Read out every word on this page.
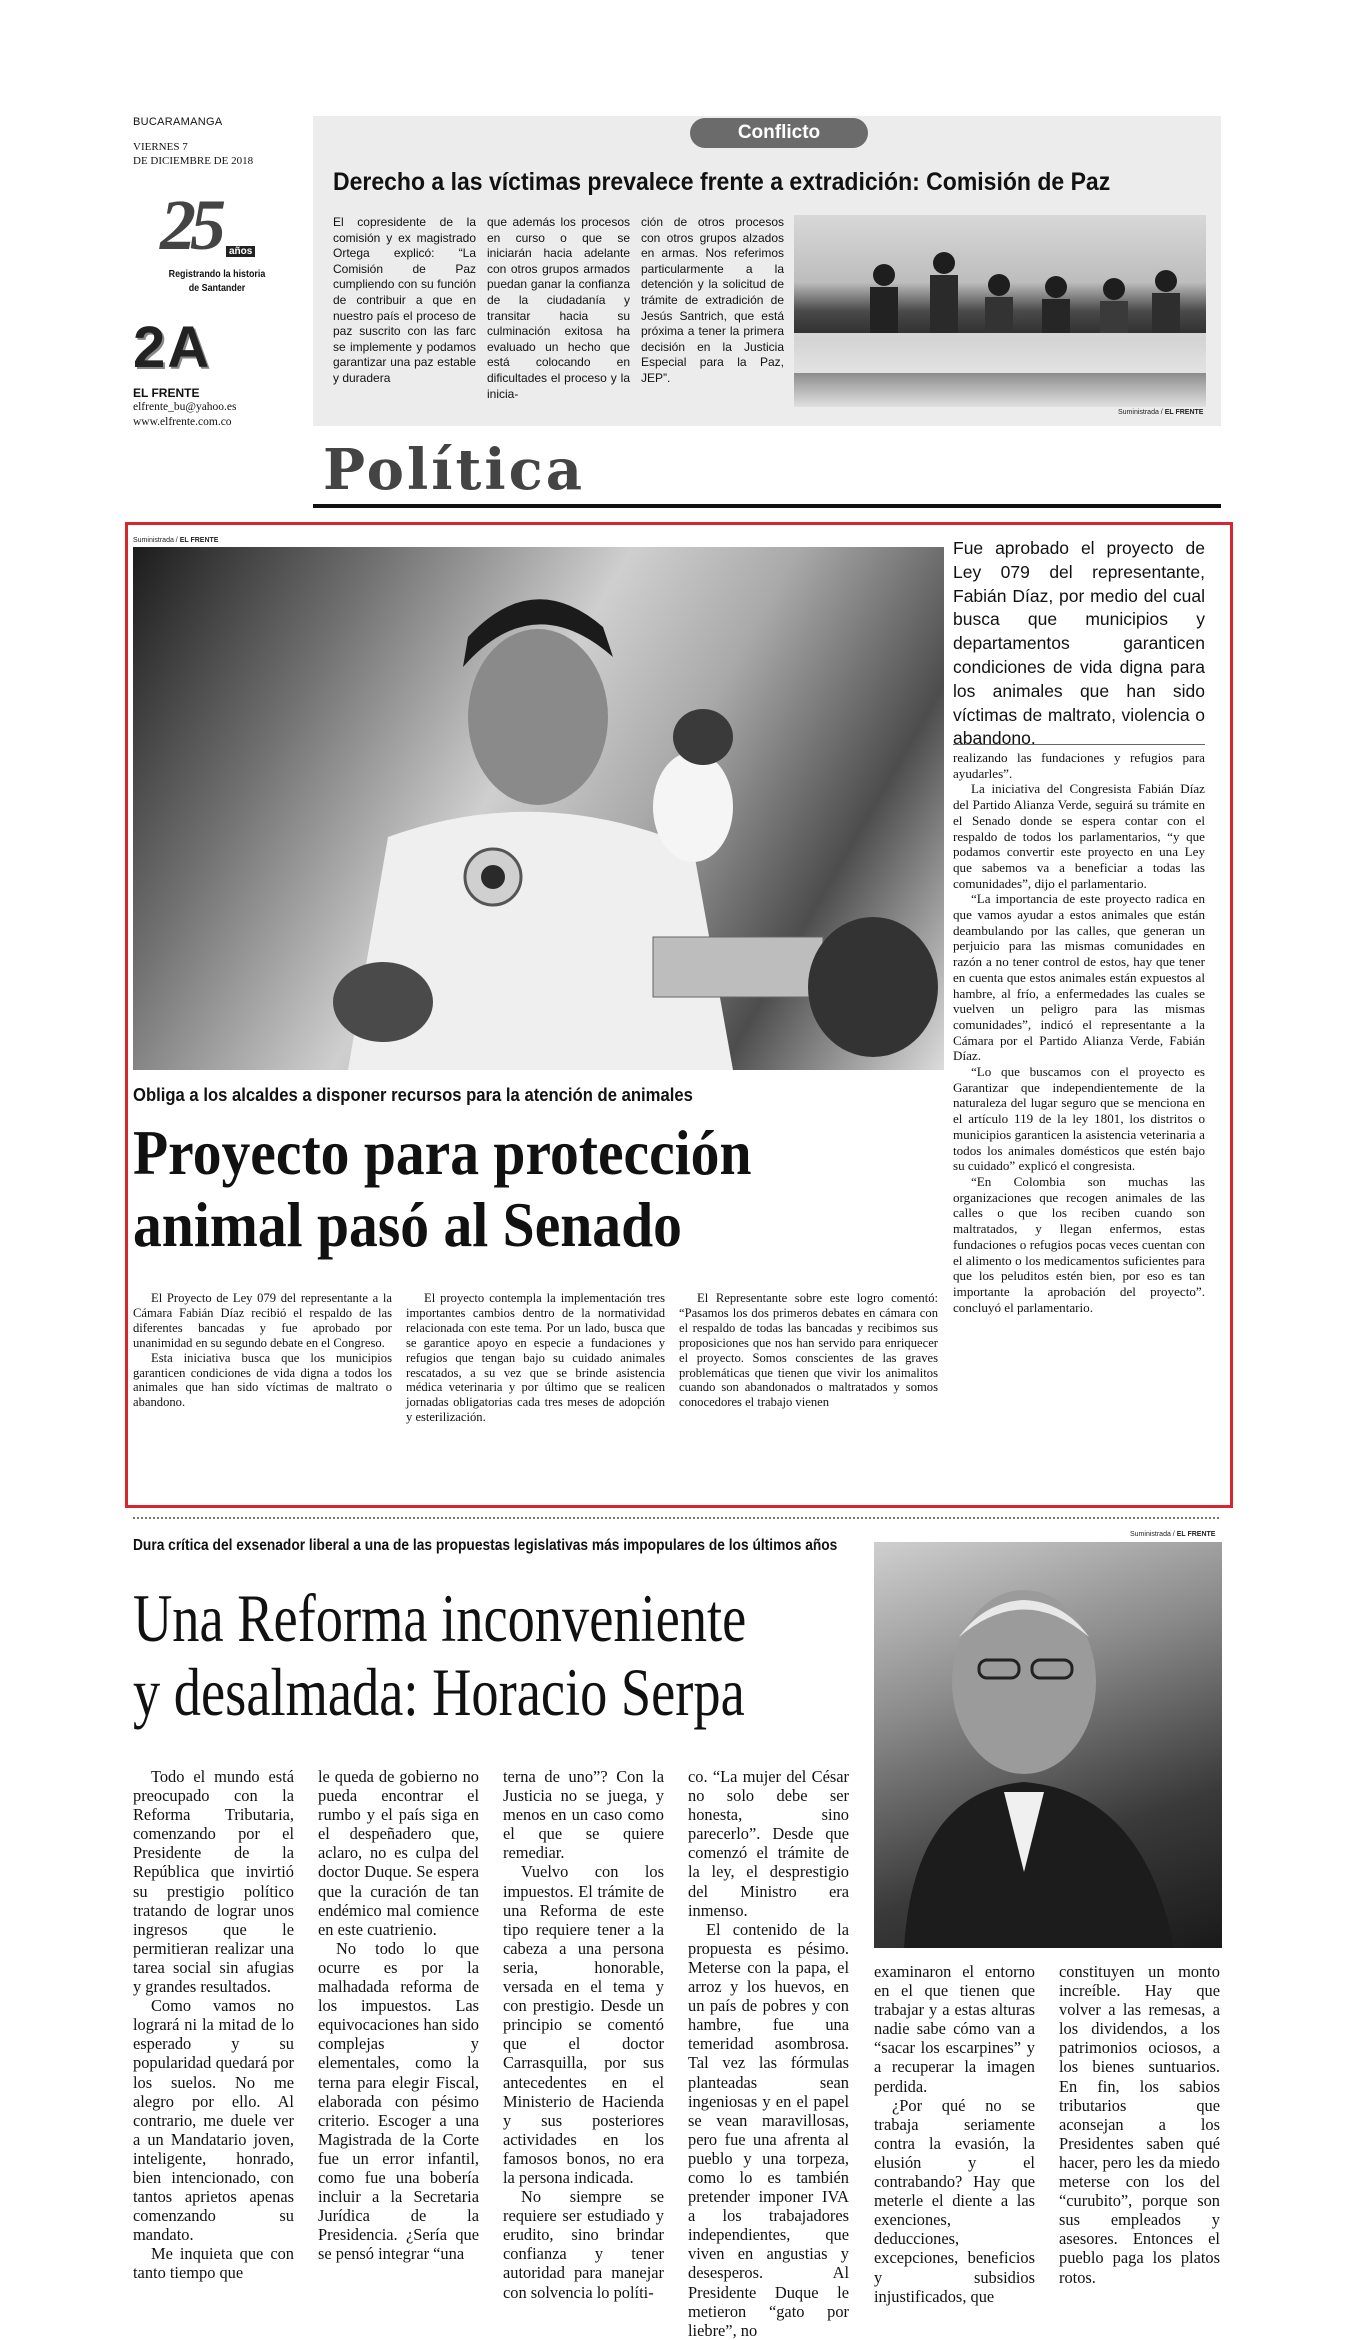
BUCARAMANGA
VIERNES 7
DE DICIEMBRE DE 2018
25 años
Registrando la historia
de Santander
2A
EL FRENTE
elfrente_bu@yahoo.es
www.elfrente.com.co
Conflicto
Derecho a las víctimas prevalece frente a extradición: Comisión de Paz
El copresidente de la comisión y ex magistrado Ortega explicó: “La Comisión de Paz cumpliendo con su función de contribuir a que en nuestro país el proceso de paz suscrito con las farc se implemente y podamos garantizar una paz estable y duradera
que además los procesos en curso o que se iniciarán hacia adelante con otros grupos armados puedan ganar la confianza de la ciudadanía y transitar hacia su culminación exitosa ha evaluado un hecho que está colocando en dificultades el proceso y la inicia-
ción de otros procesos con otros grupos alzados en armas. Nos referimos particularmente a la detención y la solicitud de trámite de extradición de Jesús Santrich, que está próxima a tener la primera decisión en la Justicia Especial para la Paz, JEP”.
Suministrada / EL FRENTE
Política
Suministrada / EL FRENTE
Obliga a los alcaldes a disponer recursos para la atención de animales
Proyecto para protección
animal pasó al Senado

El Proyecto de Ley 079 del representante a la Cámara Fabián Díaz recibió el respaldo de las diferentes bancadas y fue aprobado por unanimidad en su segundo debate en el Congreso.

Esta iniciativa busca que los municipios garanticen condiciones de vida digna a todos los animales que han sido víctimas de maltrato o abandono.

El proyecto contempla la implementación tres importantes cambios dentro de la normatividad relacionada con este tema. Por un lado, busca que se garantice apoyo en especie a fundaciones y refugios que tengan bajo su cuidado animales rescatados, a su vez que se brinde asistencia médica veterinaria y por último que se realicen jornadas obligatorias cada tres meses de adopción y esterilización.

El Representante sobre este logro comentó: “Pasamos los dos primeros debates en cámara con el respaldo de todas las bancadas y recibimos sus proposiciones que nos han servido para enriquecer el proyecto. Somos conscientes de las graves problemáticas que tienen que vivir los animalitos cuando son abandonados o maltratados y somos conocedores el trabajo vienen

Fue aprobado el proyecto de Ley 079 del representante, Fabián Díaz, por medio del cual busca que municipios y departamentos garanticen condiciones de vida digna para los animales que han sido víctimas de maltrato, violencia o abandono.

realizando las fundaciones y refugios para ayudarles”.

La iniciativa del Congresista Fabián Díaz del Partido Alianza Verde, seguirá su trámite en el Senado donde se espera contar con el respaldo de todos los parlamentarios, “y que podamos convertir este proyecto en una Ley que sabemos va a beneficiar a todas las comunidades”, dijo el parlamentario.

“La importancia de este proyecto radica en que vamos ayudar a estos animales que están deambulando por las calles, que generan un perjuicio para las mismas comunidades en razón a no tener control de estos, hay que tener en cuenta que estos animales están expuestos al hambre, al frío, a enfermedades las cuales se vuelven un peligro para las mismas comunidades”, indicó el representante a la Cámara por el Partido Alianza Verde, Fabián Díaz.

“Lo que buscamos con el proyecto es Garantizar que independientemente de la naturaleza del lugar seguro que se menciona en el artículo 119 de la ley 1801, los distritos o municipios garanticen la asistencia veterinaria a todos los animales domésticos que estén bajo su cuidado” explicó el congresista.

“En Colombia son muchas las organizaciones que recogen animales de las calles o que los reciben cuando son maltratados, y llegan enfermos, estas fundaciones o refugios pocas veces cuentan con el alimento o los medicamentos suficientes para que los peluditos estén bien, por eso es tan importante la aprobación del proyecto”. concluyó el parlamentario.

Dura crítica del exsenador liberal a una de las propuestas legislativas más impopulares de los últimos años
Una Reforma inconveniente
y desalmada: Horacio Serpa
Suministrada / EL FRENTE

Todo el mundo está preocupado con la Reforma Tributaria, comenzando por el Presidente de la República que invirtió su prestigio político tratando de lograr unos ingresos que le permitieran realizar una tarea social sin afugias y grandes resultados.

Como vamos no logrará ni la mitad de lo esperado y su popularidad quedará por los suelos. No me alegro por ello. Al contrario, me duele ver a un Mandatario joven, inteligente, honrado, bien intencionado, con tantos aprietos apenas comenzando su mandato.

Me inquieta que con tanto tiempo que

le queda de gobierno no pueda encontrar el rumbo y el país siga en el despeñadero que, aclaro, no es culpa del doctor Duque. Se espera que la curación de tan endémico mal comience en este cuatrienio.

No todo lo que ocurre es por la malhadada reforma de los impuestos. Las equivocaciones han sido complejas y elementales, como la terna para elegir Fiscal, elaborada con pésimo criterio. Escoger a una Magistrada de la Corte fue un error infantil, como fue una bobería incluir a la Secretaria Jurídica de la Presidencia. ¿Sería que se pensó integrar “una

terna de uno”? Con la Justicia no se juega, y menos en un caso como el que se quiere remediar.

Vuelvo con los impuestos. El trámite de una Reforma de este tipo requiere tener a la cabeza a una persona seria, honorable, versada en el tema y con prestigio. Desde un principio se comentó que el doctor Carrasquilla, por sus antecedentes en el Ministerio de Hacienda y sus posteriores actividades en los famosos bonos, no era la persona indicada.

No siempre se requiere ser estudiado y erudito, sino brindar confianza y tener autoridad para manejar con solvencia lo políti-

co. “La mujer del César no solo debe ser honesta, sino parecerlo”. Desde que comenzó el trámite de la ley, el desprestigio del Ministro era inmenso.

El contenido de la propuesta es pésimo. Meterse con la papa, el arroz y los huevos, en un país de pobres y con hambre, fue una temeridad asombrosa. Tal vez las fórmulas planteadas sean ingeniosas y en el papel se vean maravillosas, pero fue una afrenta al pueblo y una torpeza, como lo es también pretender imponer IVA a los trabajadores independientes, que viven en angustias y desesperos. Al Presidente Duque le metieron “gato por liebre”, no

examinaron el entorno en el que tienen que trabajar y a estas alturas nadie sabe cómo van a “sacar los escarpines” y a recuperar la imagen perdida.

¿Por qué no se trabaja seriamente contra la evasión, la elusión y el contrabando? Hay que meterle el diente a las exenciones, deducciones, excepciones, beneficios y subsidios injustificados, que

constituyen un monto increíble. Hay que volver a las remesas, a los dividendos, a los patrimonios ociosos, a los bienes suntuarios. En fin, los sabios tributarios que aconsejan a los Presidentes saben qué hacer, pero les da miedo meterse con los del “curubito”, porque son sus empleados y asesores. Entonces el pueblo paga los platos rotos.
